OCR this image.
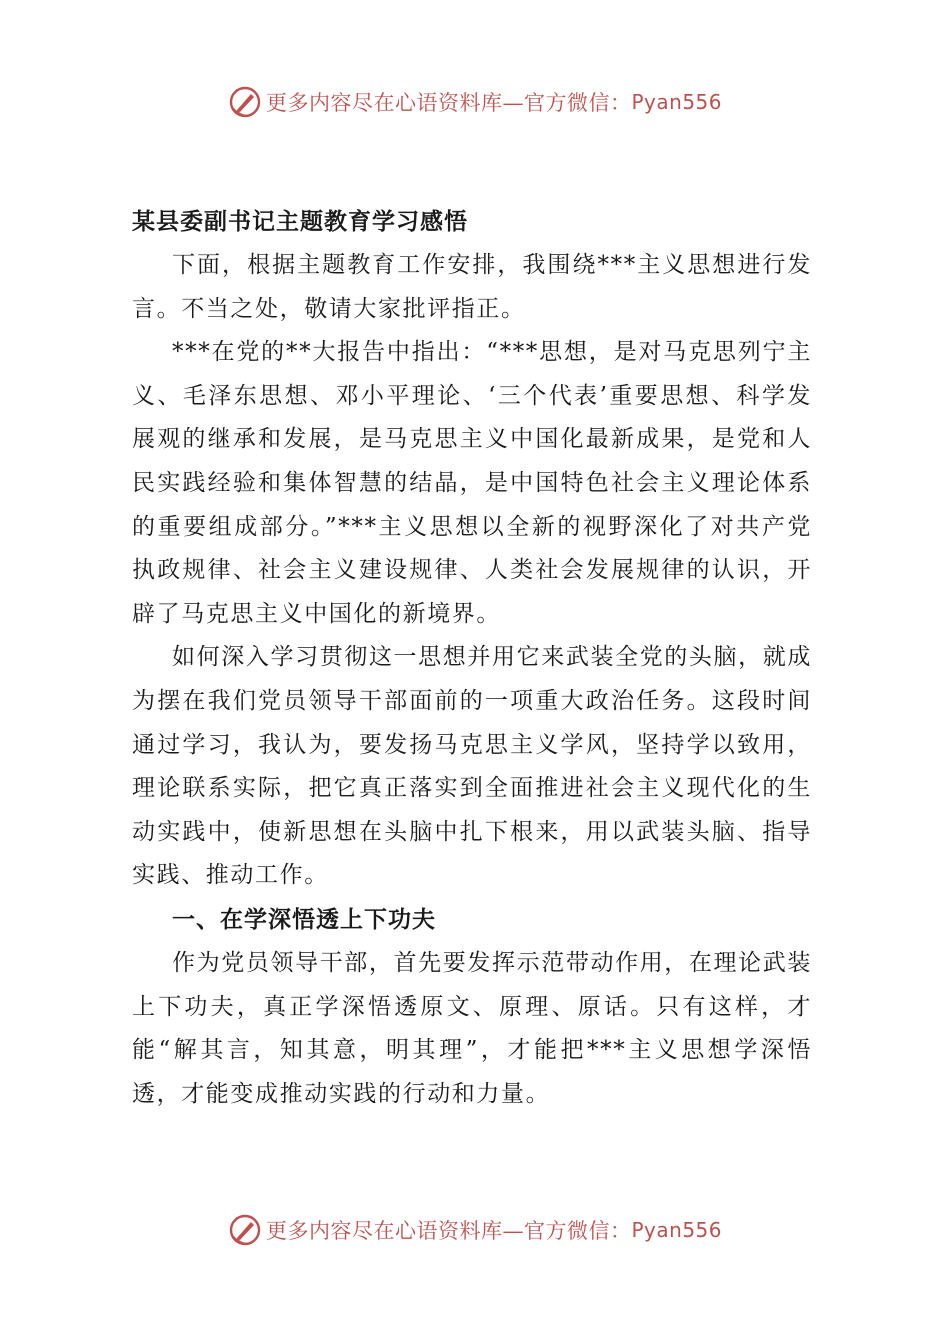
更多内容尽在心语资料库—官方微信： Pyan556
某县委副书记主题教育学习感悟

下面，根据主题教育工作安排，我围绕***主义思想进行发言。不当之处，敬请大家批评指正。

***在党的**大报告中指出：“***思想，是对马克思列宁主义、毛泽东思想、邓小平理论、‘三个代表’重要思想、科学发展观的继承和发展，是马克思主义中国化最新成果，是党和人民实践经验和集体智慧的结晶，是中国特色社会主义理论体系的重要组成部分。”***主义思想以全新的视野深化了对共产党执政规律、社会主义建设规律、人类社会发展规律的认识，开辟了马克思主义中国化的新境界。

如何深入学习贯彻这一思想并用它来武装全党的头脑，就成为摆在我们党员领导干部面前的一项重大政治任务。这段时间通过学习，我认为，要发扬马克思主义学风，坚持学以致用，理论联系实际，把它真正落实到全面推进社会主义现代化的生动实践中，使新思想在头脑中扎下根来，用以武装头脑、指导实践、推动工作。

一、在学深悟透上下功夫

作为党员领导干部，首先要发挥示范带动作用，在理论武装上下功夫，真正学深悟透原文、原理、原话。只有这样，才能“解其言，知其意，明其理”，才能把***主义思想学深悟透，才能变成推动实践的行动和力量。

更多内容尽在心语资料库—官方微信： Pyan556
